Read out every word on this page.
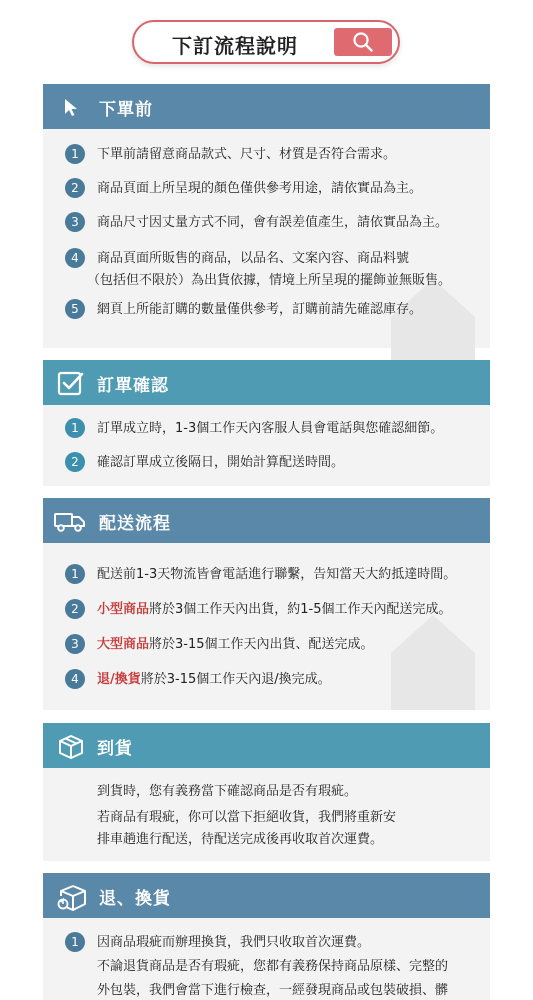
下訂流程說明
下單前
1	下單前請留意商品款式、尺寸、材質是否符合需求。
2	商品頁面上所呈現的顏色僅供參考用途，請依實品為主。
3	商品尺寸因丈量方式不同，會有誤差值產生，請依實品為主。
4	商品頁面所販售的商品，以品名、文案內容、商品料號
（包括但不限於）為出貨依據，情境上所呈現的擺飾並無販售。
5	網頁上所能訂購的數量僅供參考，訂購前請先確認庫存。
訂單確認
1	訂單成立時，1-3個工作天內客服人員會電話與您確認細節。
2	確認訂單成立後隔日，開始計算配送時間。
配送流程
1	配送前1-3天物流皆會電話進行聯繫，告知當天大約抵達時間。
2	小型商品將於3個工作天內出貨，約1-5個工作天內配送完成。
3	大型商品將於3-15個工作天內出貨、配送完成。
4	退/換貨將於3-15個工作天內退/換完成。
到貨
到貨時，您有義務當下確認商品是否有瑕疵。
若商品有瑕疵，你可以當下拒絕收貨，我們將重新安
排車趟進行配送，待配送完成後再收取首次運費。
退、換貨
1	因商品瑕疵而辦理換貨，我們只收取首次運費。
不論退貨商品是否有瑕疵，您都有義務保持商品原樣、完整的
外包裝，我們會當下進行檢查，一經發現商品或包裝破損、髒
